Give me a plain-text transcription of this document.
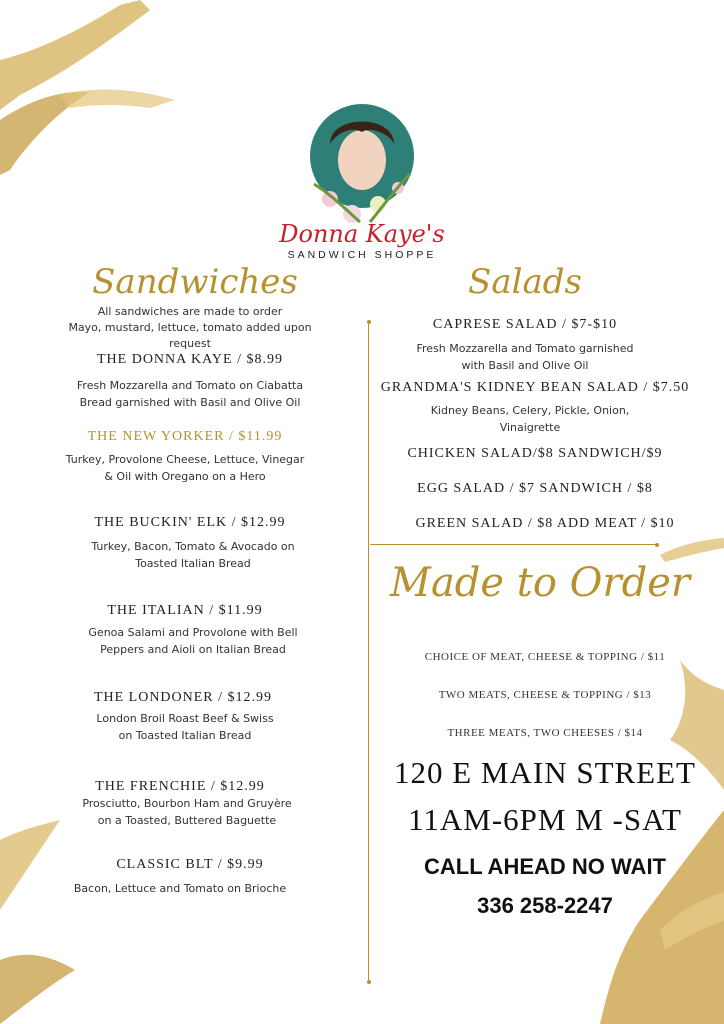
Donna Kaye's
SANDWICH SHOPPE
Sandwiches
All sandwiches are made to order
Mayo, mustard, lettuce, tomato added upon
request
THE DONNA KAYE / $8.99
Fresh Mozzarella and Tomato on Ciabatta
Bread garnished with Basil and Olive Oil
THE NEW YORKER / $11.99
Turkey, Provolone Cheese, Lettuce, Vinegar
& Oil with Oregano on a Hero
THE BUCKIN' ELK / $12.99
Turkey, Bacon, Tomato & Avocado on
Toasted Italian Bread
THE ITALIAN / $11.99
Genoa Salami and Provolone with Bell
Peppers and Aioli on Italian Bread
THE LONDONER / $12.99
London Broil Roast Beef & Swiss
on Toasted Italian Bread
THE FRENCHIE / $12.99
Prosciutto, Bourbon Ham and Gruyère
on a Toasted, Buttered Baguette
CLASSIC BLT / $9.99
Bacon, Lettuce and Tomato on Brioche
Salads
CAPRESE SALAD / $7-$10
Fresh Mozzarella and Tomato garnished
with Basil and Olive Oil
GRANDMA'S KIDNEY BEAN SALAD / $7.50
Kidney Beans, Celery, Pickle, Onion,
Vinaigrette
CHICKEN SALAD/$8 SANDWICH/$9
EGG SALAD / $7 SANDWICH / $8
GREEN SALAD / $8 ADD MEAT / $10
Made to Order
CHOICE OF MEAT, CHEESE & TOPPING / $11
TWO MEATS, CHEESE & TOPPING / $13
THREE MEATS, TWO CHEESES / $14
120 E MAIN STREET
11AM-6PM M -SAT
CALL AHEAD NO WAIT
336 258-2247
